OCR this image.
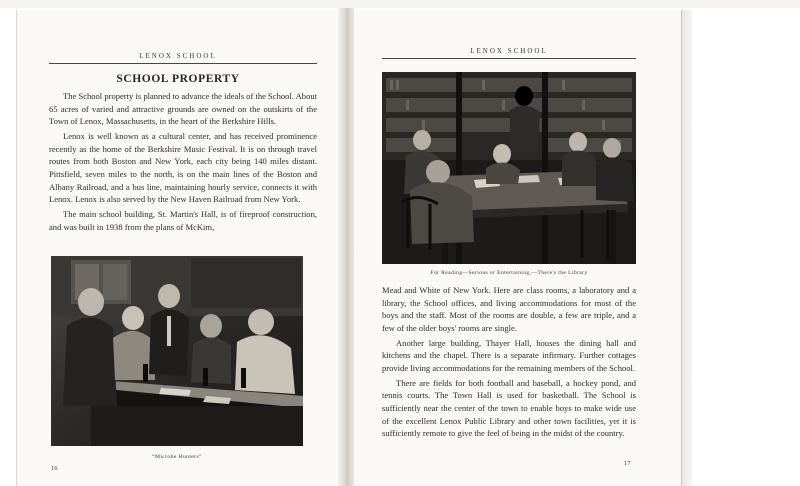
LENOX SCHOOL
SCHOOL PROPERTY

The School property is planned to advance the ideals of the School. About 65 acres of varied and attractive grounds are owned on the outskirts of the Town of Lenox, Massachusetts, in the heart of the Berkshire Hills.

Lenox is well known as a cultural center, and has received prominence recently as the home of the Berkshire Music Festival. It is on through travel routes from both Boston and New York, each city being 140 miles distant. Pittsfield, seven miles to the north, is on the main lines of the Boston and Albany Railroad, and a bus line, maintaining hourly service, connects it with Lenox. Lenox is also served by the New Haven Railroad from New York.

The main school building, St. Martin's Hall, is of fireproof construction, and was built in 1938 from the plans of McKim,

“Microbe Hunters”
16
LENOX SCHOOL
For Reading—Serious or Entertaining,—There's the Library

Mead and White of New York. Here are class rooms, a laboratory and a library, the School offices, and living accommodations for most of the boys and the staff. Most of the rooms are double, a few are triple, and a few of the older boys' rooms are single.

Another large building, Thayer Hall, houses the dining hall and kitchens and the chapel. There is a separate infirmary. Further cottages provide living accommodations for the remaining members of the School.

There are fields for both football and baseball, a hockey pond, and tennis courts. The Town Hall is used for basketball. The School is sufficiently near the center of the town to enable boys to make wide use of the excellent Lenox Public Library and other town facilities, yet it is sufficiently remote to give the feel of being in the midst of the country.

17
